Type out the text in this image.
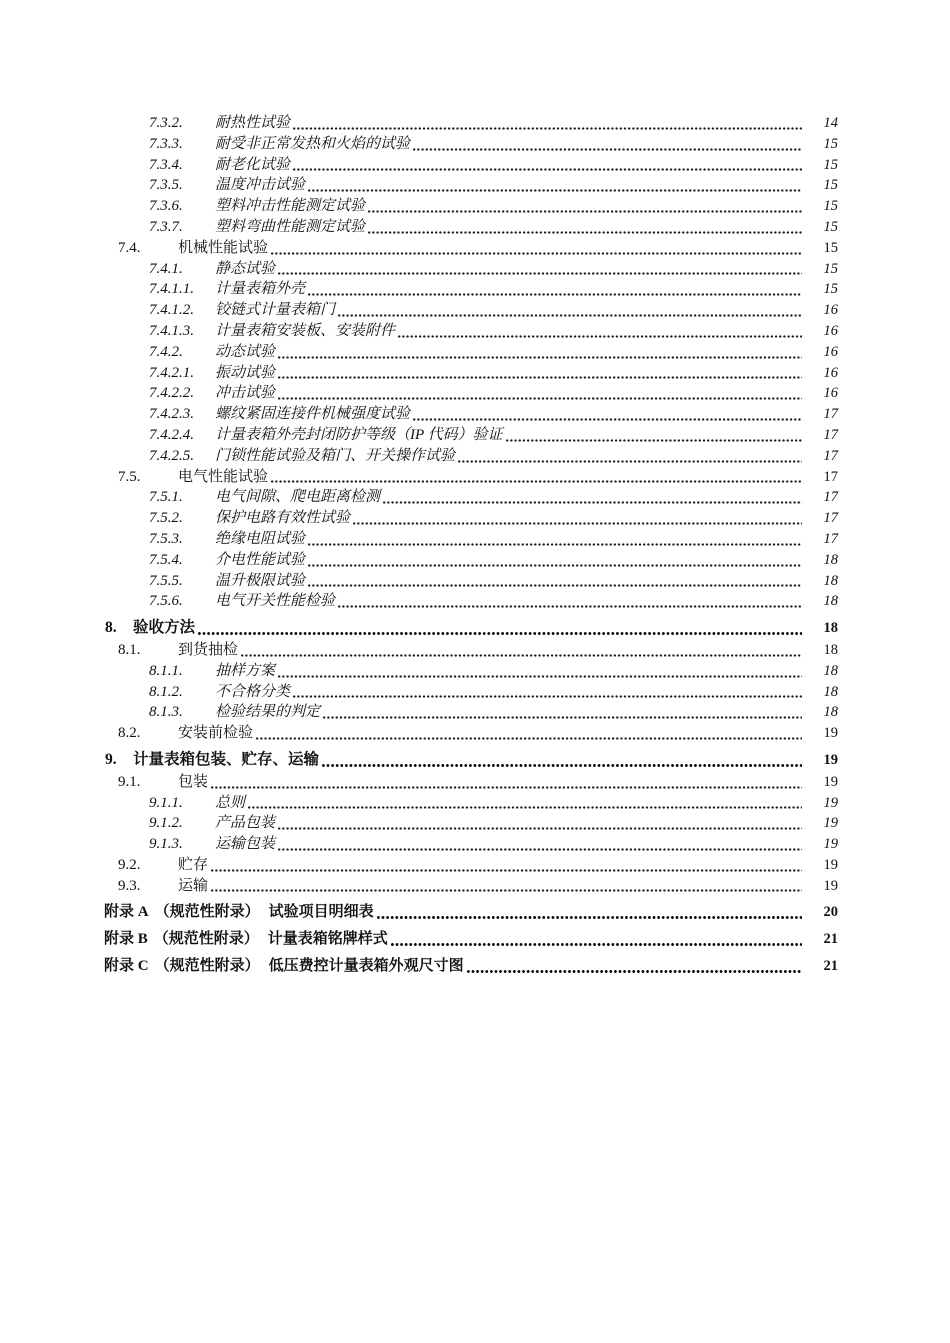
7.3.2.	耐热性试验	14
7.3.3.	耐受非正常发热和火焰的试验	15
7.3.4.	耐老化试验	15
7.3.5.	温度冲击试验	15
7.3.6.	塑料冲击性能测定试验	15
7.3.7.	塑料弯曲性能测定试验	15
7.4.	机械性能试验	15
7.4.1.	静态试验	15
7.4.1.1.	计量表箱外壳	15
7.4.1.2.	铰链式计量表箱门	16
7.4.1.3.	计量表箱安装板、安装附件	16
7.4.2.	动态试验	16
7.4.2.1.	振动试验	16
7.4.2.2.	冲击试验	16
7.4.2.3.	螺纹紧固连接件机械强度试验	17
7.4.2.4.	计量表箱外壳封闭防护等级（IP 代码）验证	17
7.4.2.5.	门锁性能试验及箱门、开关操作试验	17
7.5.	电气性能试验	17
7.5.1.	电气间隙、爬电距离检测	17
7.5.2.	保护电路有效性试验	17
7.5.3.	绝缘电阻试验	17
7.5.4.	介电性能试验	18
7.5.5.	温升极限试验	18
7.5.6.	电气开关性能检验	18
8.	验收方法	18
8.1.	到货抽检	18
8.1.1.	抽样方案	18
8.1.2.	不合格分类	18
8.1.3.	检验结果的判定	18
8.2.	安装前检验	19
9.	计量表箱包装、贮存、运输	19
9.1.	包装	19
9.1.1.	总则	19
9.1.2.	产品包装	19
9.1.3.	运输包装	19
9.2.	贮存	19
9.3.	运输	19
附录 A （规范性附录） 试验项目明细表	20
附录 B （规范性附录） 计量表箱铭牌样式	21
附录 C （规范性附录） 低压费控计量表箱外观尺寸图	21
